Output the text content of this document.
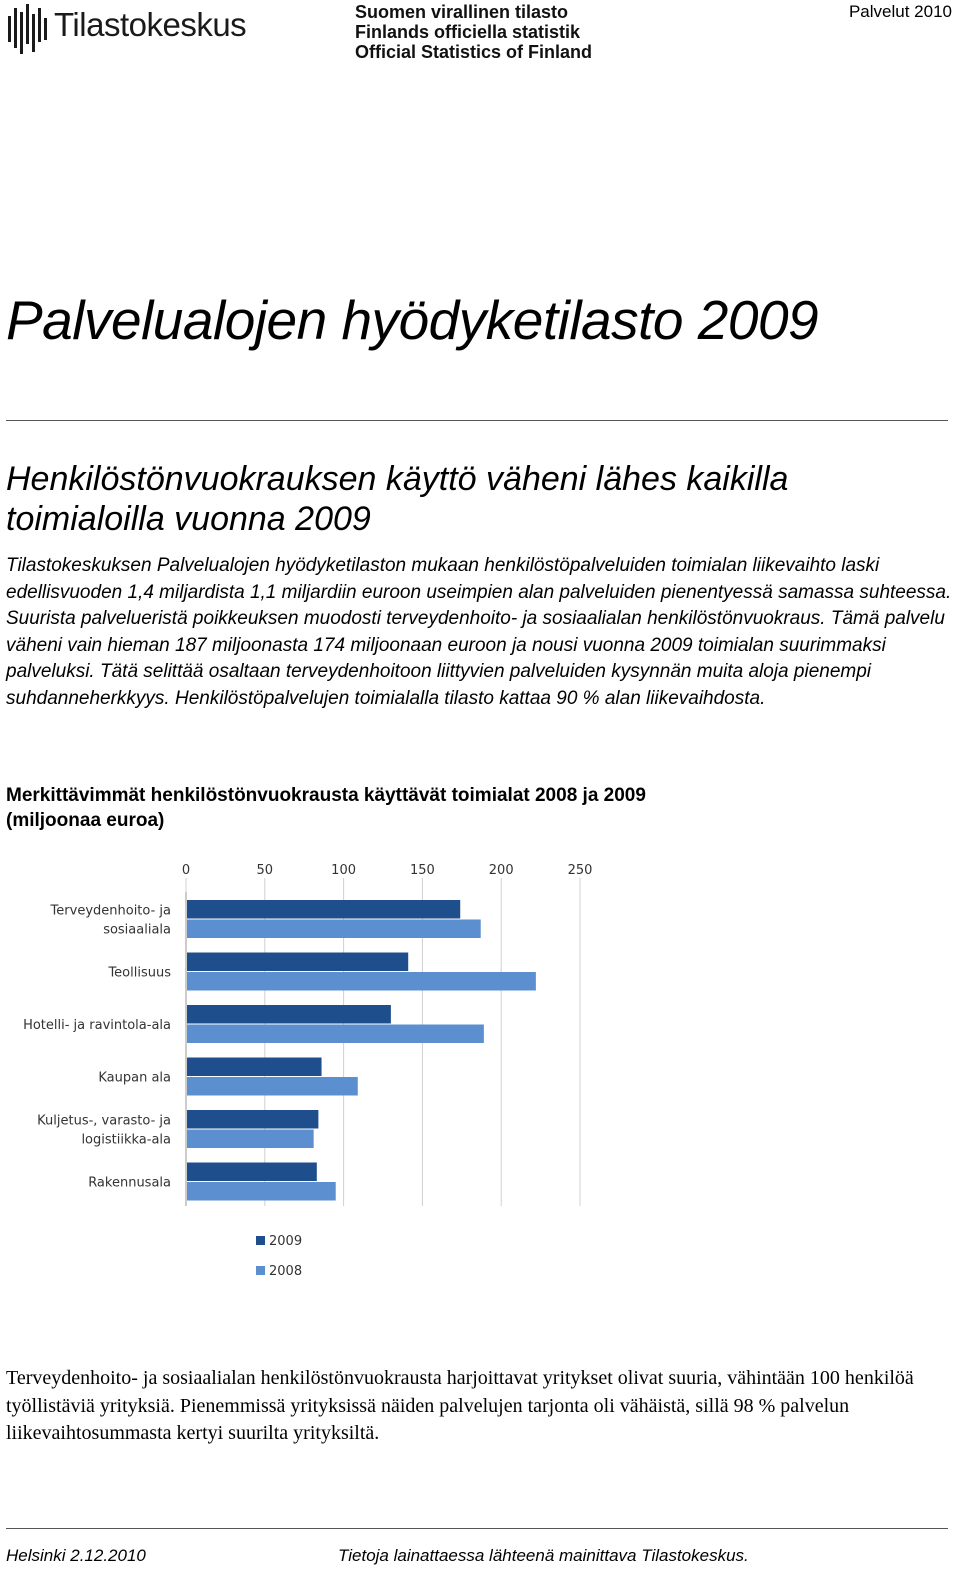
Tilastokeskus	Suomen virallinen tilasto
Finlands officiella statistik
Official Statistics of Finland
Palvelut 2010
Palvelualojen hyödyketilasto 2009
Henkilöstönvuokrauksen käyttö väheni lähes kaikilla toimialoilla vuonna 2009
Tilastokeskuksen Palvelualojen hyödyketilaston mukaan henkilöstöpalveluiden toimialan liikevaihto laski edellisvuoden 1,4 miljardista 1,1 miljardiin euroon useimpien alan palveluiden pienentyessä samassa suhteessa. Suurista palvelueristä poikkeuksen muodosti terveydenhoito- ja sosiaalialan henkilöstönvuokraus. Tämä palvelu väheni vain hieman 187 miljoonasta 174 miljoonaan euroon ja nousi vuonna 2009 toimialan suurimmaksi palveluksi. Tätä selittää osaltaan terveydenhoitoon liittyvien palveluiden kysynnän muita aloja pienempi suhdanneherkkyys. Henkilöstöpalvelujen toimialalla tilasto kattaa 90 % alan liikevaihdosta.
Merkittävimmät henkilöstönvuokrausta käyttävät toimialat 2008 ja 2009 (miljoonaa euroa)
0	50	100	150	200	250
Terveydenhoito- ja
sosiaaliala
Teollisuus
Hotelli- ja ravintola-ala
Kaupan ala
Kuljetus-, varasto- ja
logistiikka-ala
Rakennusala
2009
2008
Terveydenhoito- ja sosiaalialan henkilöstönvuokrausta harjoittavat yritykset olivat suuria, vähintään 100 henkilöä työllistäviä yrityksiä. Pienemmissä yrityksissä näiden palvelujen tarjonta oli vähäistä, sillä 98 % palvelun liikevaihtosummasta kertyi suurilta yrityksiltä.
Helsinki 2.12.2010	Tietoja lainattaessa lähteenä mainittava Tilastokeskus.
